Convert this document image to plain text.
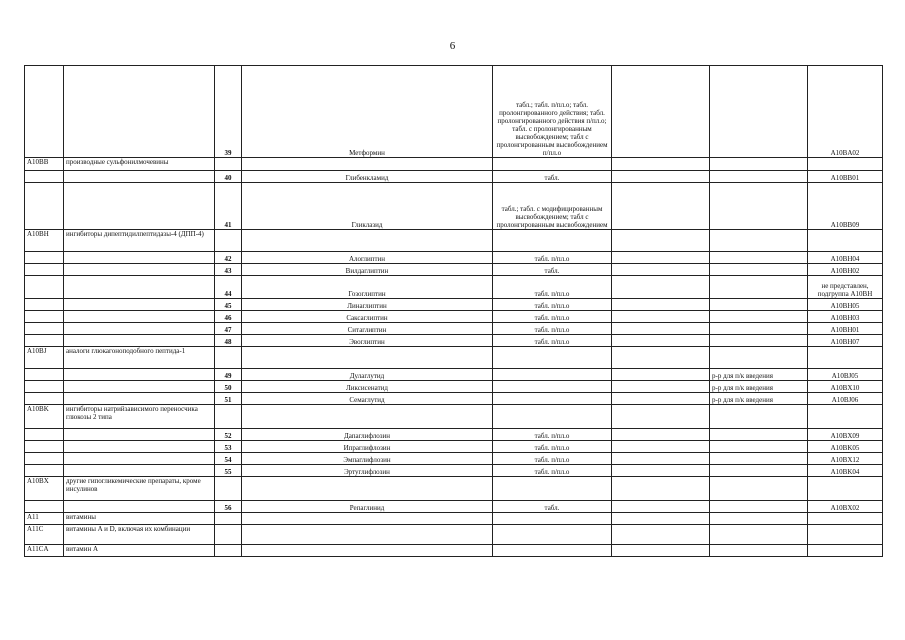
6
		39	Метформин	табл.; табл. п/пл.о; табл. пролонгированного действия; табл. пролонгированного действия п/пл.о; табл. с пролонгированным высвобождением; табл с пролонгированным высвобождением п/пл.о			A10BA02
A10BB	производные сульфонилмочевины						
		40	Глибенкламид	табл.			A10BB01
		41	Гликлазид	табл.; табл. с модифицированным высвобождением; табл с пролонгированным высвобождением			A10BB09
A10BH	ингибиторы дипептидилпептидазы-4 (ДПП-4)						
		42	Алоглиптин	табл. п/пл.о			A10BH04
		43	Вилдаглиптин	табл.			A10BH02
		44	Гозоглиптин	табл. п/пл.о			не представлен, подгруппа A10BH
		45	Линаглиптин	табл. п/пл.о			A10BH05
		46	Саксаглиптин	табл. п/пл.о			A10BH03
		47	Ситаглиптин	табл. п/пл.о			A10BH01
		48	Эвоглиптин	табл. п/пл.о			A10BH07
A10BJ	аналоги глюкагоноподобного пептида-1						
		49	Дулаглутид			р-р для п/к введения	A10BJ05
		50	Ликсисенатид			р-р для п/к введения	A10BX10
		51	Семаглутид			р-р для п/к введения	A10BJ06
A10BK	ингибиторы натрийзависимого переносчика глюкозы 2 типа						
		52	Дапаглифлозин	табл. п/пл.о			A10BX09
		53	Ипраглифлозин	табл. п/пл.о			A10BK05
		54	Эмпаглифлозин	табл. п/пл.о			A10BX12
		55	Эртуглифлозин	табл. п/пл.о			A10BK04
A10BX	другие гипогликемические препараты, кроме инсулинов						
		56	Репаглинид	табл.			A10BX02
A11	витамины						
A11C	витамины A и D, включая их комбинации						
A11CA	витамин A						
